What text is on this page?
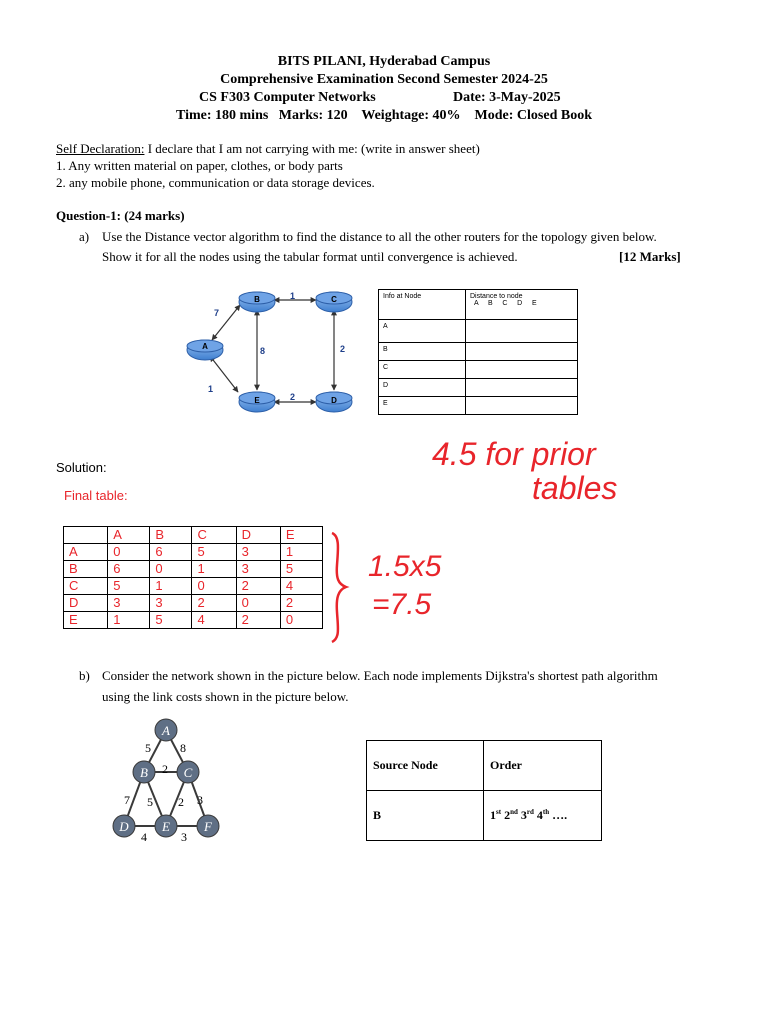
BITS PILANI, Hyderabad Campus
Comprehensive Examination Second Semester 2024-25
CS F303 Computer Networks	Date: 3-May-2025
Time: 180 mins   Marks: 120    Weightage: 40%    Mode: Closed Book
Self Declaration: I declare that I am not carrying with me: (write in answer sheet)
1. Any written material on paper, clothes, or body parts
2. any mobile phone, communication or data storage devices.
Question-1: (24 marks)
a) Use the Distance vector algorithm to find the distance to all the other routers for the topology given below.
Show it for all the nodes using the tabular format until convergence is achieved.	[12 Marks]
B	C
A
E	D
7
1
8	2
1
2
Info at Node	Distance to node
A     B     C     D     E

A	
B	
C	
D	
E	
4.5 for prior
tables
Solution:
Final table:
	A	B	C	D	E
A	0	6	5	3	1
B	6	0	1	3	5
C	5	1	0	2	4
D	3	3	2	0	2
E	1	5	4	2	0
1.5x5
=7.5
b) Consider the network shown in the picture below. Each node implements Dijkstra's shortest path algorithm
using the link costs shown in the picture below.
A
B	C
D	E	F
5 8
2
7 5 2 3
4	3
Source Node	Order
B	1st 2nd 3rd 4th ….
